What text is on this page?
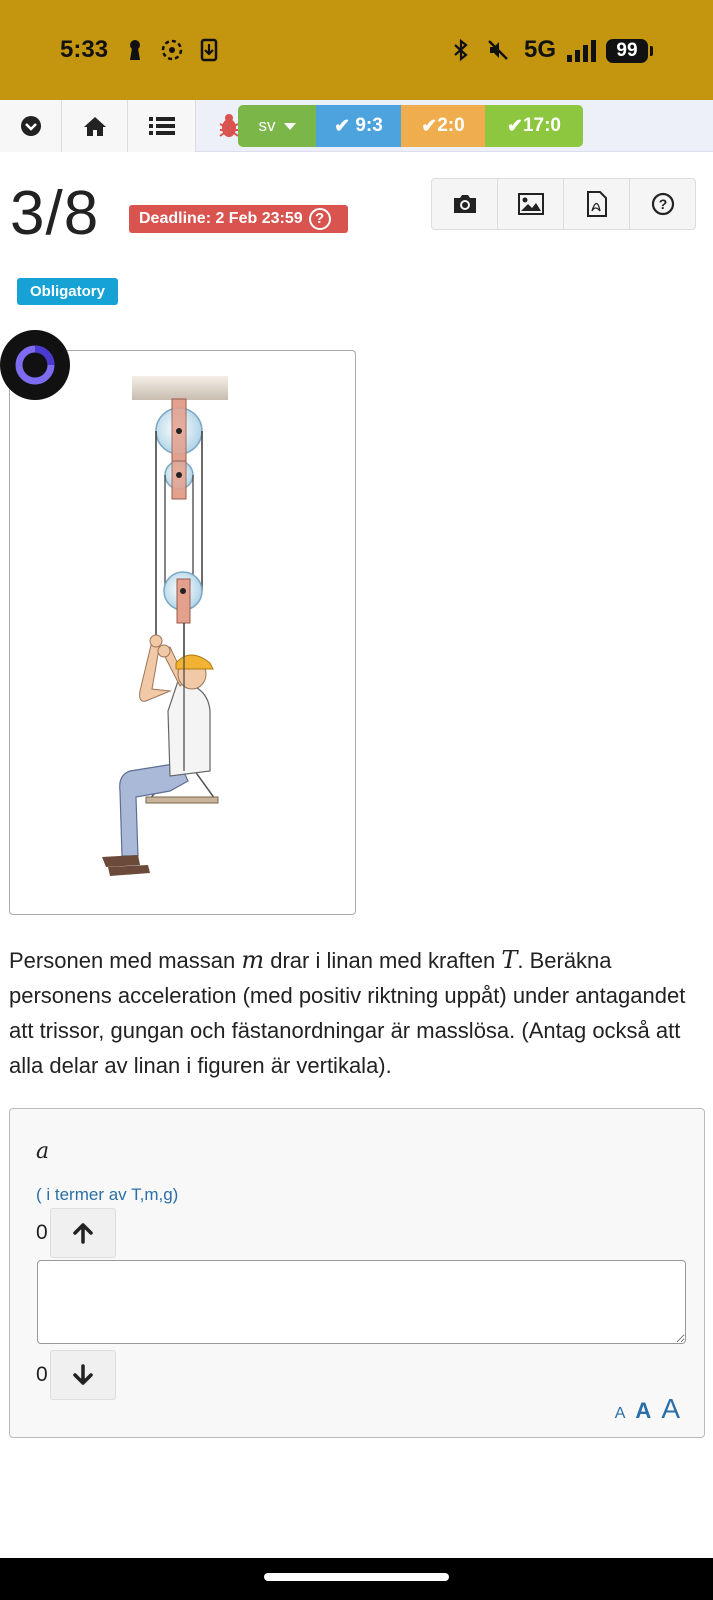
5:33	5G	99
sv	✔
9:3 ✔ 2:0 ✔ 17:0
3/8 Deadline: 2 Feb 23:59 ?
?
Obligatory
Personen med massan m drar i linan med kraften T. Beräkna personens acceleration (med positiv riktning uppåt) under antagandet att trissor, gungan och fästanordningar är masslösa. (Antag också att alla delar av linan i figuren är vertikala).
a
( i termer av T,m,g)
0
0
A A A
